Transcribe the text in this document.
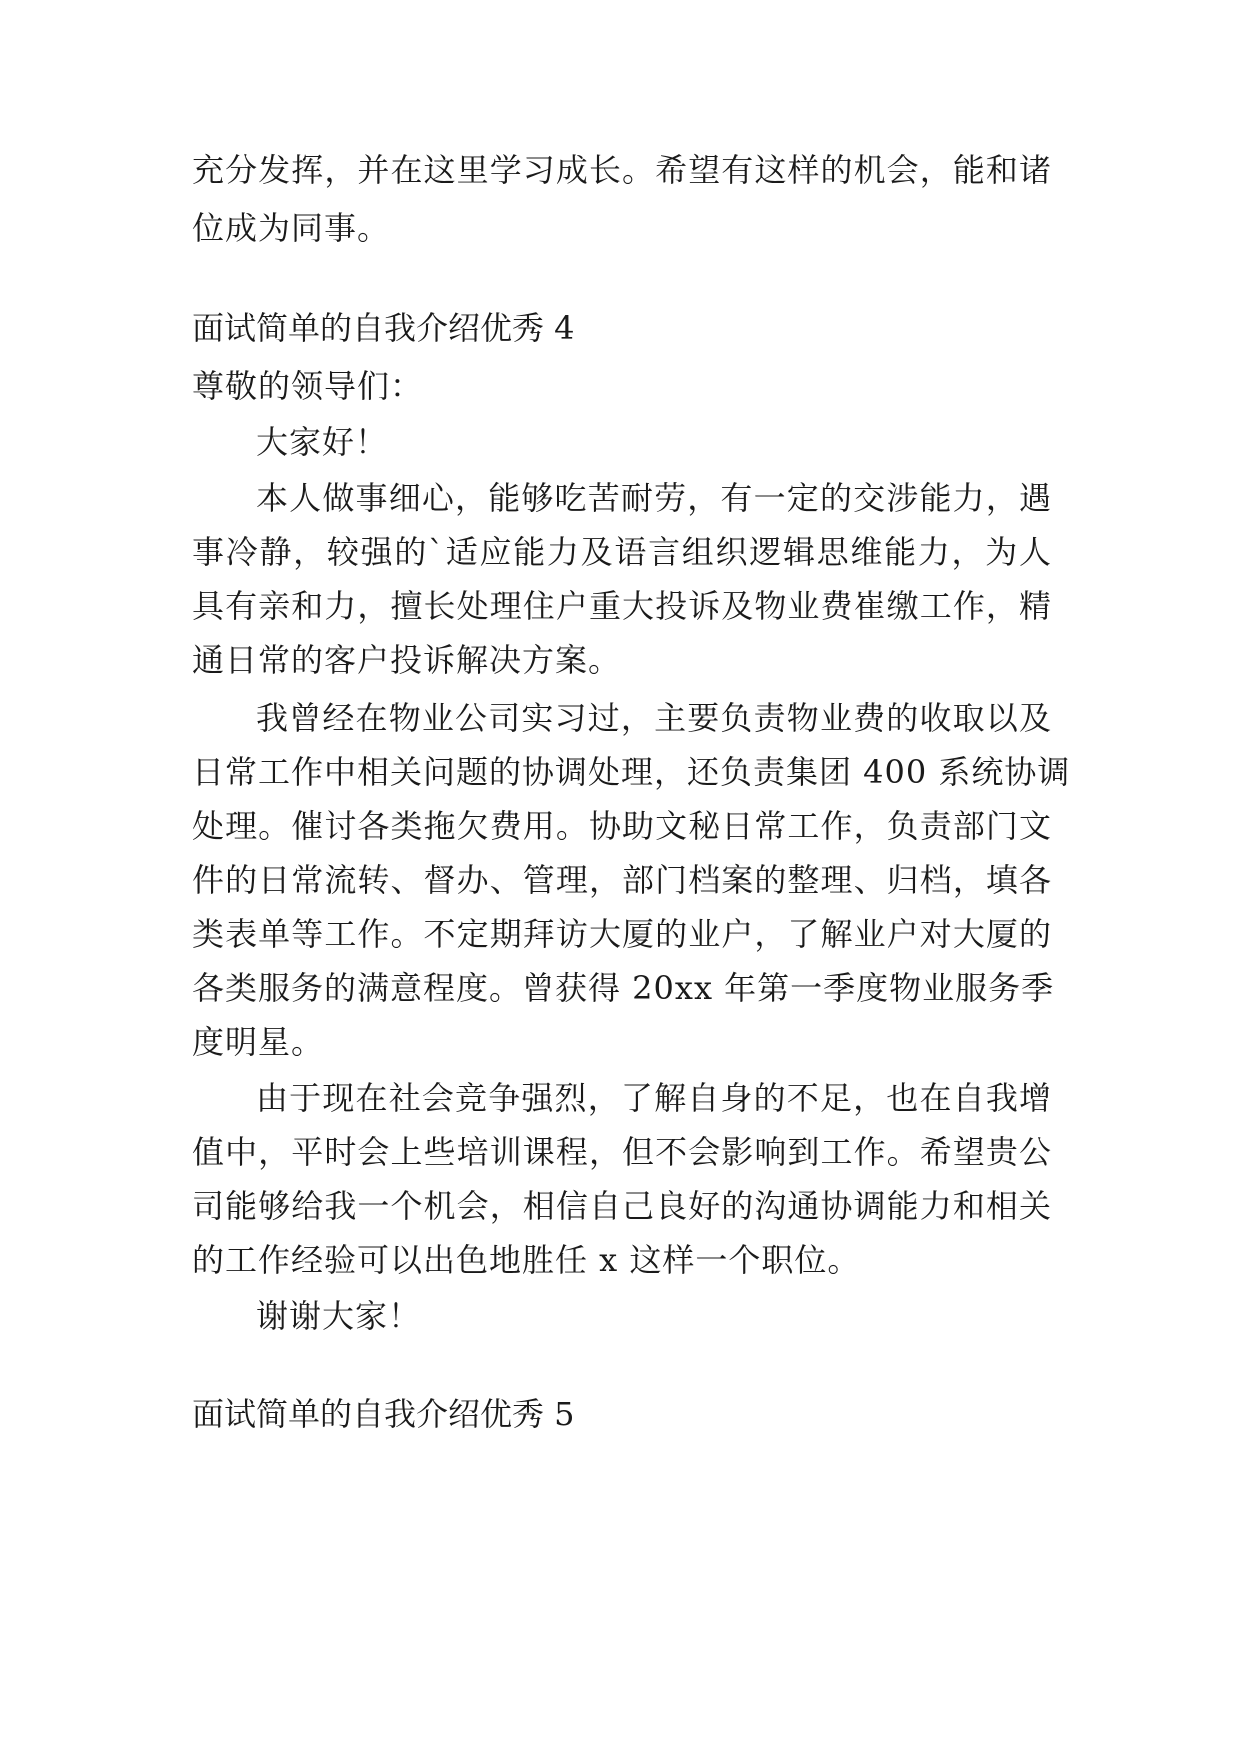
充分发挥，并在这里学习成长。希望有这样的机会，能和诸
位成为同事。
面试简单的自我介绍优秀 4
尊敬的领导们：
大家好！
本人做事细心，能够吃苦耐劳，有一定的交涉能力，遇
事冷静，较强的`适应能力及语言组织逻辑思维能力，为人
具有亲和力，擅长处理住户重大投诉及物业费崔缴工作，精
通日常的客户投诉解决方案。
我曾经在物业公司实习过，主要负责物业费的收取以及
日常工作中相关问题的协调处理，还负责集团 400 系统协调
处理。催讨各类拖欠费用。协助文秘日常工作，负责部门文
件的日常流转、督办、管理，部门档案的整理、归档，填各
类表单等工作。不定期拜访大厦的业户，了解业户对大厦的
各类服务的满意程度。曾获得 20xx 年第一季度物业服务季
度明星。
由于现在社会竞争强烈，了解自身的不足，也在自我增
值中，平时会上些培训课程，但不会影响到工作。希望贵公
司能够给我一个机会，相信自己良好的沟通协调能力和相关
的工作经验可以出色地胜任 x 这样一个职位。
谢谢大家！
面试简单的自我介绍优秀 5
